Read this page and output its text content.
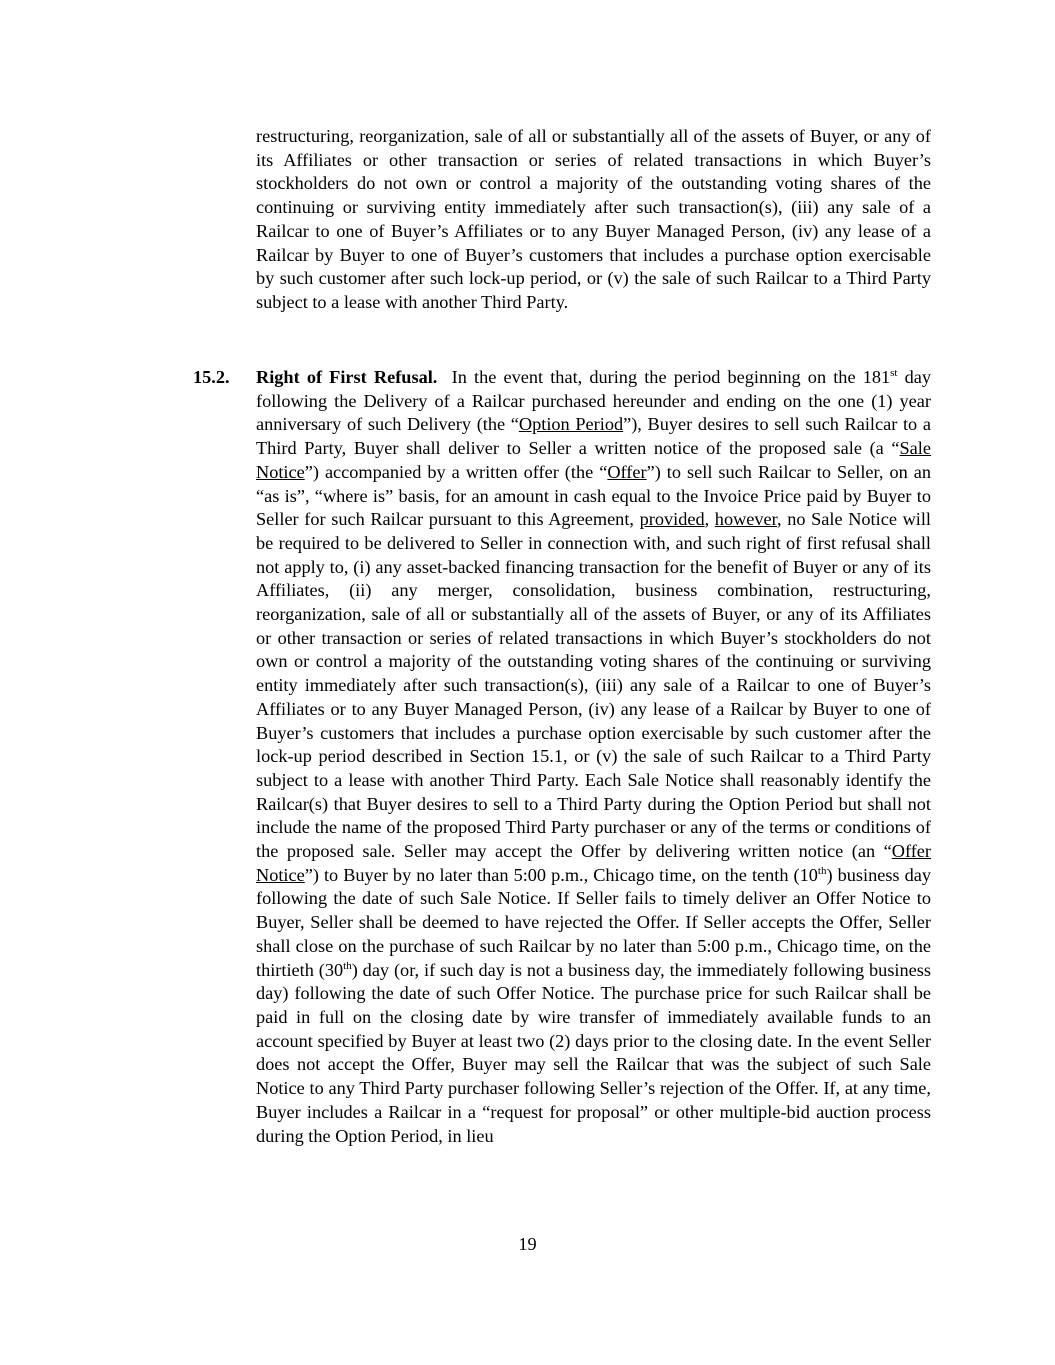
restructuring, reorganization, sale of all or substantially all of the assets of Buyer, or any of its Affiliates or other transaction or series of related transactions in which Buyer’s stockholders do not own or control a majority of the outstanding voting shares of the continuing or surviving entity immediately after such transaction(s), (iii) any sale of a Railcar to one of Buyer’s Affiliates or to any Buyer Managed Person, (iv) any lease of a Railcar by Buyer to one of Buyer’s customers that includes a purchase option exercisable by such customer after such lock-up period, or (v) the sale of such Railcar to a Third Party subject to a lease with another Third Party.

15.2. Right of First Refusal. In the event that, during the period beginning on the 181st day following the Delivery of a Railcar purchased hereunder and ending on the one (1) year anniversary of such Delivery (the “Option Period”), Buyer desires to sell such Railcar to a Third Party, Buyer shall deliver to Seller a written notice of the proposed sale (a “Sale Notice”) accompanied by a written offer (the “Offer”) to sell such Railcar to Seller, on an “as is”, “where is” basis, for an amount in cash equal to the Invoice Price paid by Buyer to Seller for such Railcar pursuant to this Agreement, provided, however, no Sale Notice will be required to be delivered to Seller in connection with, and such right of first refusal shall not apply to, (i) any asset-backed financing transaction for the benefit of Buyer or any of its Affiliates, (ii) any merger, consolidation, business combination, restructuring, reorganization, sale of all or substantially all of the assets of Buyer, or any of its Affiliates or other transaction or series of related transactions in which Buyer’s stockholders do not own or control a majority of the outstanding voting shares of the continuing or surviving entity immediately after such transaction(s), (iii) any sale of a Railcar to one of Buyer’s Affiliates or to any Buyer Managed Person, (iv) any lease of a Railcar by Buyer to one of Buyer’s customers that includes a purchase option exercisable by such customer after the lock-up period described in Section 15.1, or (v) the sale of such Railcar to a Third Party subject to a lease with another Third Party. Each Sale Notice shall reasonably identify the Railcar(s) that Buyer desires to sell to a Third Party during the Option Period but shall not include the name of the proposed Third Party purchaser or any of the terms or conditions of the proposed sale. Seller may accept the Offer by delivering written notice (an “Offer Notice”) to Buyer by no later than 5:00 p.m., Chicago time, on the tenth (10th) business day following the date of such Sale Notice. If Seller fails to timely deliver an Offer Notice to Buyer, Seller shall be deemed to have rejected the Offer. If Seller accepts the Offer, Seller shall close on the purchase of such Railcar by no later than 5:00 p.m., Chicago time, on the thirtieth (30th) day (or, if such day is not a business day, the immediately following business day) following the date of such Offer Notice. The purchase price for such Railcar shall be paid in full on the closing date by wire transfer of immediately available funds to an account specified by Buyer at least two (2) days prior to the closing date. In the event Seller does not accept the Offer, Buyer may sell the Railcar that was the subject of such Sale Notice to any Third Party purchaser following Seller’s rejection of the Offer. If, at any time, Buyer includes a Railcar in a “request for proposal” or other multiple-bid auction process during the Option Period, in lieu

19
